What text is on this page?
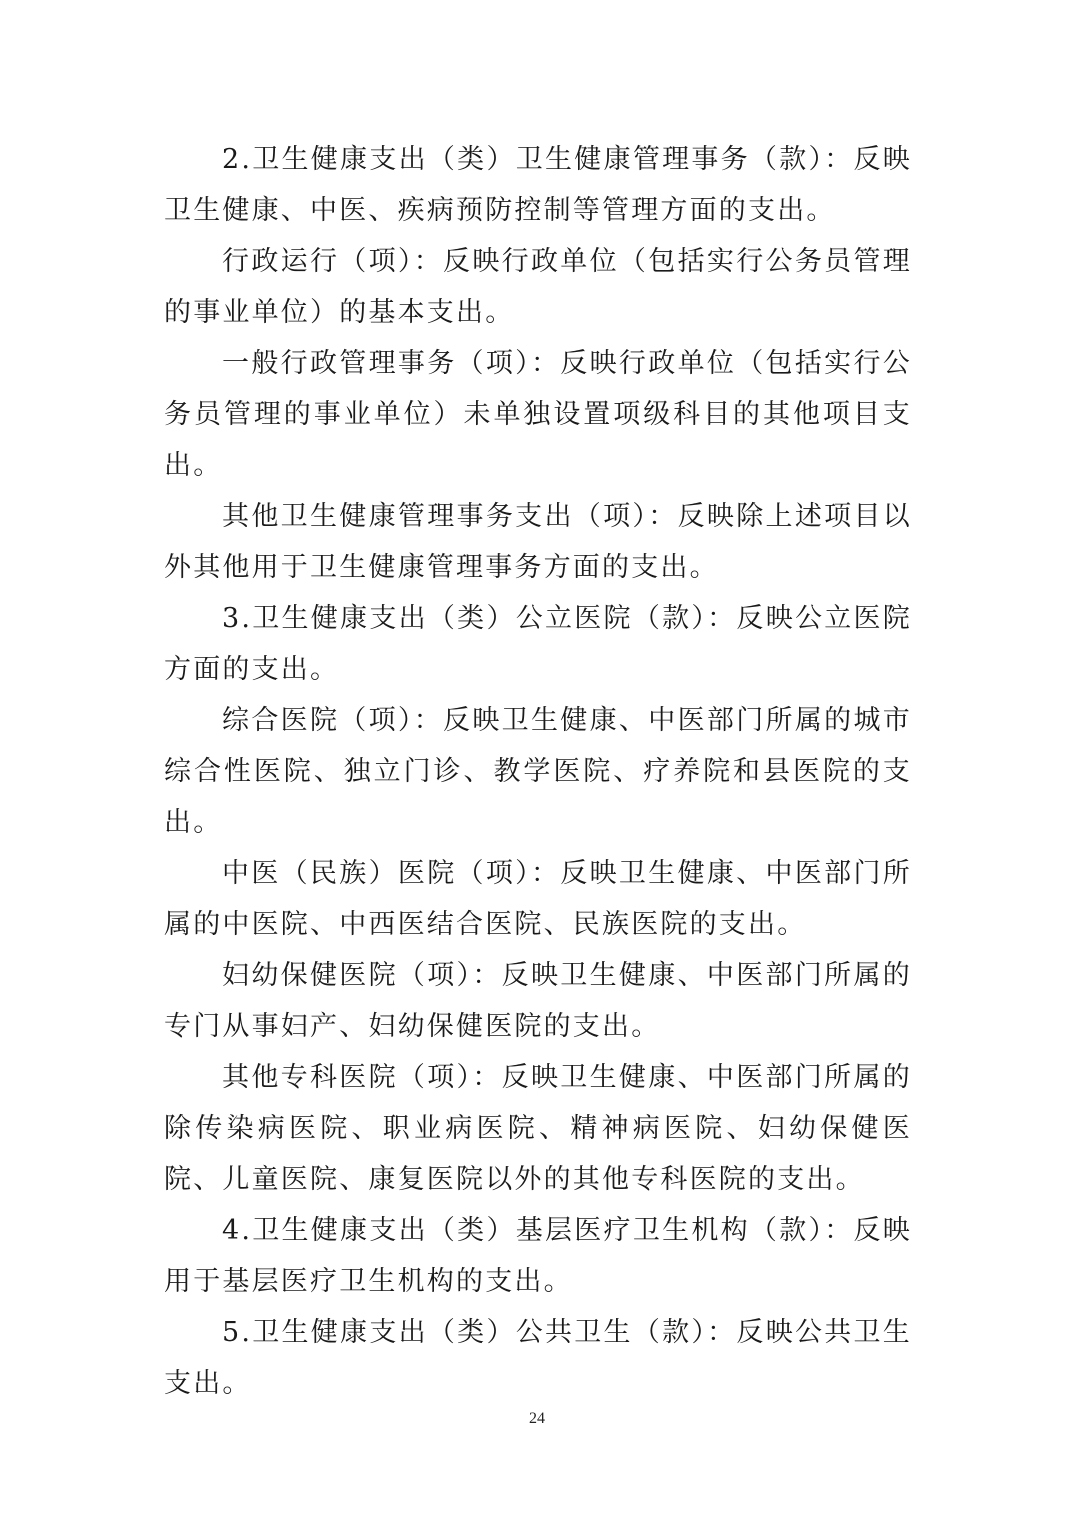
2.卫生健康支出（类）卫生健康管理事务（款）：反映卫生健康、中医、疾病预防控制等管理方面的支出。

行政运行（项）：反映行政单位（包括实行公务员管理的事业单位）的基本支出。

一般行政管理事务（项）：反映行政单位（包括实行公务员管理的事业单位）未单独设置项级科目的其他项目支出。

其他卫生健康管理事务支出（项）：反映除上述项目以外其他用于卫生健康管理事务方面的支出。

3.卫生健康支出（类）公立医院（款）：反映公立医院方面的支出。

综合医院（项）：反映卫生健康、中医部门所属的城市综合性医院、独立门诊、教学医院、疗养院和县医院的支出。

中医（民族）医院（项）：反映卫生健康、中医部门所属的中医院、中西医结合医院、民族医院的支出。

妇幼保健医院（项）：反映卫生健康、中医部门所属的专门从事妇产、妇幼保健医院的支出。

其他专科医院（项）：反映卫生健康、中医部门所属的除传染病医院、职业病医院、精神病医院、妇幼保健医院、儿童医院、康复医院以外的其他专科医院的支出。

4.卫生健康支出（类）基层医疗卫生机构（款）：反映用于基层医疗卫生机构的支出。

5.卫生健康支出（类）公共卫生（款）：反映公共卫生支出。

24
